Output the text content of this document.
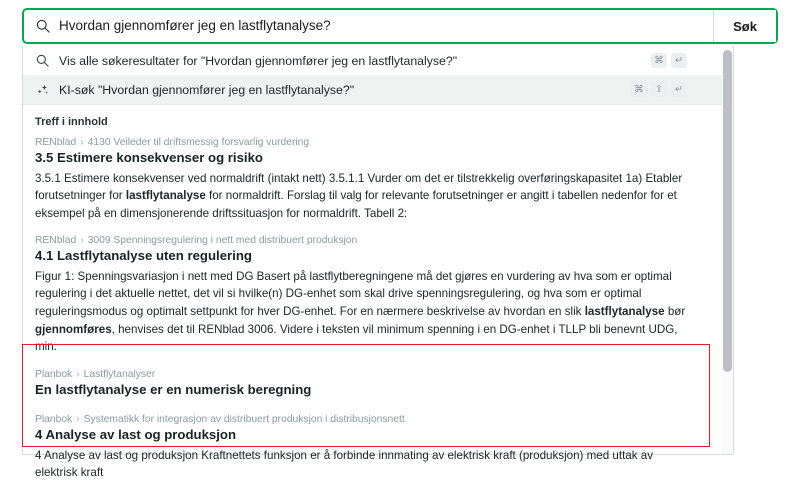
Hvordan gjennomfører jeg en lastflytanalyse?	Søk
Vis alle søkeresultater for "Hvordan gjennomfører jeg en lastflytanalyse?"	⌘	↵
KI-søk "Hvordan gjennomfører jeg en lastflytanalyse?"	⌘	⇧	↵
Treff i innhold
RENblad › 4130 Veileder til driftsmessig forsvarlig vurdering
3.5 Estimere konsekvenser og risiko
3.5.1 Estimere konsekvenser ved normaldrift (intakt nett) 3.5.1.1 Vurder om det er tilstrekkelig overføringskapasitet 1a) Etabler forutsetninger for lastflytanalyse for normaldrift. Forslag til valg for relevante forutsetninger er angitt i tabellen nedenfor for et eksempel på en dimensjonerende driftssituasjon for normaldrift. Tabell 2:
RENblad › 3009 Spenningsregulering i nett med distribuert produksjon
4.1 Lastflytanalyse uten regulering
Figur 1: Spenningsvariasjon i nett med DG Basert på lastflytberegningene må det gjøres en vurdering av hva som er optimal regulering i det aktuelle nettet, det vil si hvilke(n) DG-enhet som skal drive spenningsregulering, og hva som er optimal reguleringsmodus og optimalt settpunkt for hver DG-enhet. For en nærmere beskrivelse av hvordan en slik lastflytanalyse bør gjennomføres, henvises det til RENblad 3006. Videre i teksten vil minimum spenning i en DG-enhet i TLLP bli benevnt UDG, min.
Planbok › Lastflytanalyser
En lastflytanalyse er en numerisk beregning
Planbok › Systematikk for integrasjon av distribuert produksjon i distribusjonsnett
4 Analyse av last og produksjon
4 Analyse av last og produksjon Kraftnettets funksjon er å forbinde innmating av elektrisk kraft (produksjon) med uttak av elektrisk kraft
